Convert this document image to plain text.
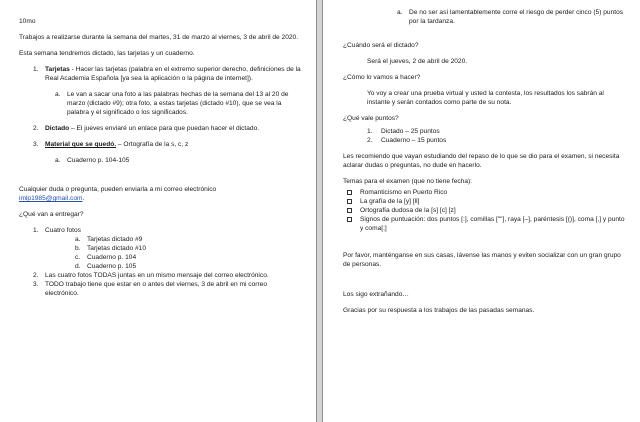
10mo

Trabajos a realizarse durante la semana del martes, 31 de marzo al viernes, 3 de abril de 2020.

Esta semana tendremos dictado, las tarjetas y un cuaderno.

1. Tarjetas - Hacer las tarjetas (palabra en el extremo superior derecho, definiciones de la Real Academia Española [ya sea la aplicación o la página de internet]).
a. Le van a sacar una foto a las palabras hechas de la semana del 13 al 20 de marzo (dictado #9); otra foto, a estas tarjetas (dictado #10), que se vea la palabra y el significado o los significados.
2. Dictado – El jueves enviaré un enlace para que puedan hacer el dictado.
3. Material que se quedó. – Ortografía de la s, c, z
a. Cuaderno p. 104-105

Cualquier duda o pregunta, pueden enviarla a mi correo electrónico
imlp1985@gmail.com.

¿Qué van a entregar?

1. Cuatro fotos
a. Tarjetas dictado #9
b. Tarjetas dictado #10
c.	Cuaderno p. 104
d. Cuaderno p. 105
2. Las cuatro fotos TODAS juntas en un mismo mensaje del correo electrónico.
3. TODO trabajo tiene que estar en o antes del viernes, 3 de abril en mi correo electrónico.
a. De no ser así lamentablemente corre el riesgo de perder cinco (5) puntos por la tardanza.

¿Cuándo será el dictado?

Será el jueves, 2 de abril de 2020.

¿Cómo lo vamos a hacer?

Yo voy a crear una prueba virtual y usted la contesta, los resultados los sabrán al instante y serán contados como parte de su nota.

¿Qué vale puntos?

1.	Dictado – 25 puntos
2.	Cuaderno – 15 puntos

Les recomiendo que vayan estudiando del repaso de lo que se dio para el examen, si necesita aclarar dudas o preguntas, no dude en hacerlo.

Temas para el examen (que no tiene fecha):

Romanticismo en Puerto Rico
La grafía de la [y] [ll]
Ortografía dudosa de la [s] [c] [z]
Signos de puntuación: dos puntos [:], comillas [""], raya [–], paréntesis [()], coma [,] y punto y coma[;]

Por favor, manténganse en sus casas, lávense las manos y eviten socializar con un gran grupo de personas.

Los sigo extrañando…

Gracias por su respuesta a los trabajos de las pasadas semanas.
